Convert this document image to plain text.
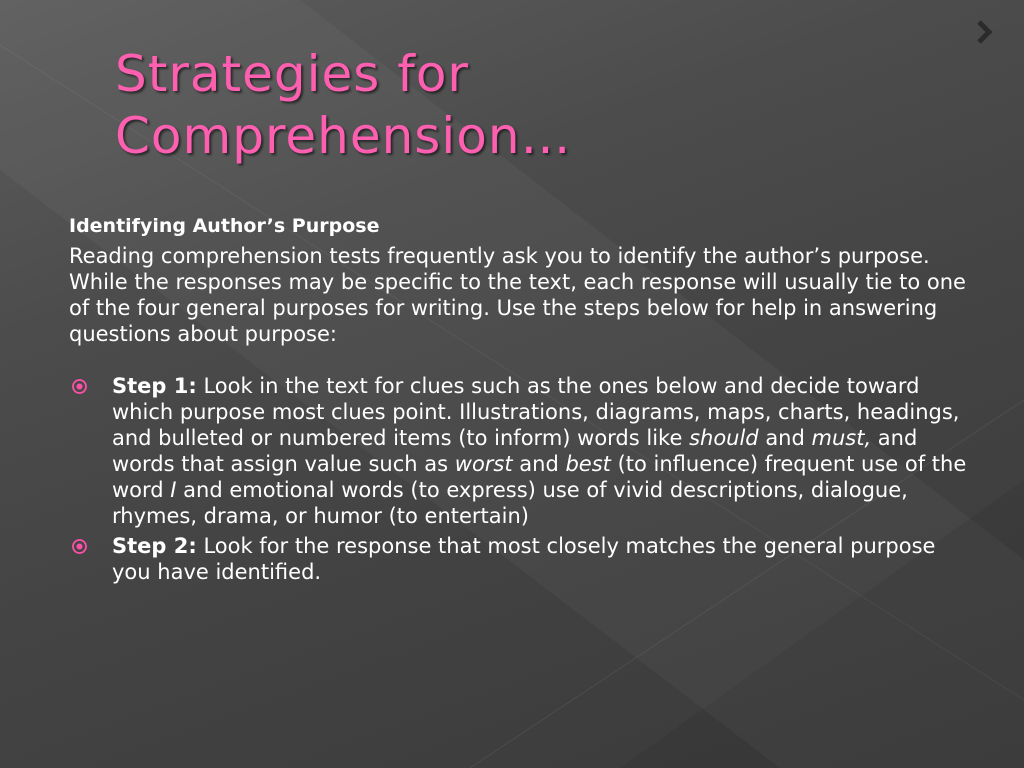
Strategies for
Comprehension…
Identifying Author’s Purpose
Reading comprehension tests frequently ask you to identify the author’s purpose. While the responses may be specific to the text, each response will usually tie to one of the four general purposes for writing. Use the steps below for help in answering questions about purpose:
Step 1: Look in the text for clues such as the ones below and decide toward which purpose most clues point. Illustrations, diagrams, maps, charts, headings, and bulleted or numbered items (to inform) words like should and must, and words that assign value such as worst and best (to influence) frequent use of the word I and emotional words (to express) use of vivid descriptions, dialogue, rhymes, drama, or humor (to entertain)
Step 2: Look for the response that most closely matches the general purpose you have identified.
